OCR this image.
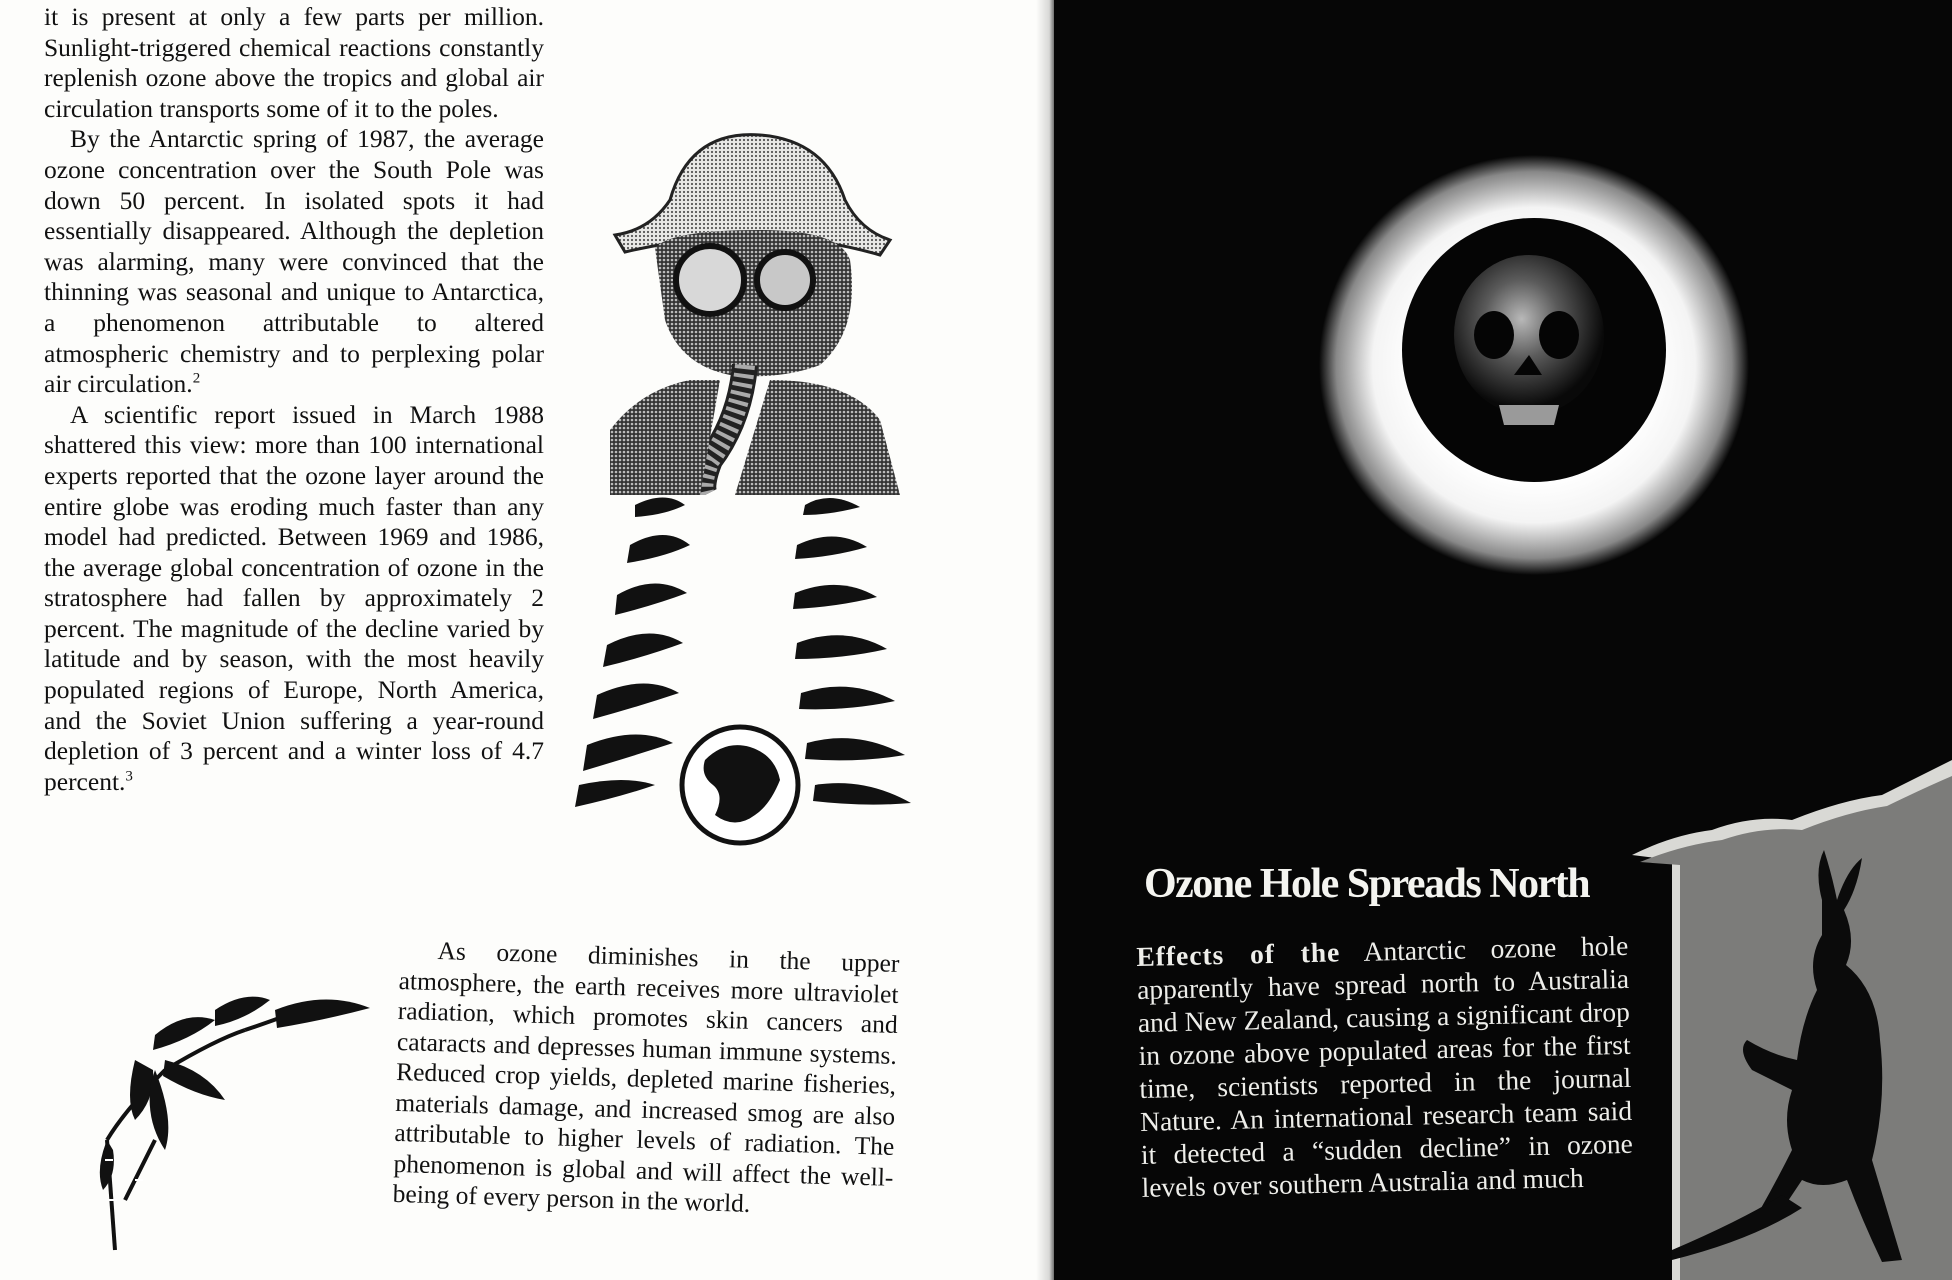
it is present at only a few parts per million. Sunlight-triggered chemical reactions constantly replenish ozone above the tropics and global air circulation transports some of it to the poles.

By the Antarctic spring of 1987, the average ozone concentration over the South Pole was down 50 percent. In isolated spots it had essentially disappeared. Although the depletion was alarming, many were convinced that the thinning was seasonal and unique to Antarctica, a phenomenon attributable to altered atmospheric chemistry and to perplexing polar air circulation.$^2$

A scientific report issued in March 1988 shattered this view: more than 100 international experts reported that the ozone layer around the entire globe was eroding much faster than any model had predicted. Between 1969 and 1986, the average global concentration of ozone in the stratosphere had fallen by approximately 2 percent. The magnitude of the decline varied by latitude and by season, with the most heavily populated regions of Europe, North America, and the Soviet Union suffering a year-round depletion of 3 percent and a winter loss of 4.7 percent.$^3$

As ozone diminishes in the upper atmosphere, the earth receives more ultraviolet radiation, which promotes skin cancers and cataracts and depresses human immune systems. Reduced crop yields, depleted marine fisheries, materials damage, and increased smog are also attributable to higher levels of radiation. The phenomenon is global and will affect the well-being of every person in the world.

Ozone Hole Spreads North
Effects of the Antarctic ozone hole apparently have spread north to Australia and New Zealand, causing a significant drop in ozone above populated areas for the first time, scientists reported in the journal Nature. An international research team said it detected a “sudden decline” in ozone levels over southern Australia and much
